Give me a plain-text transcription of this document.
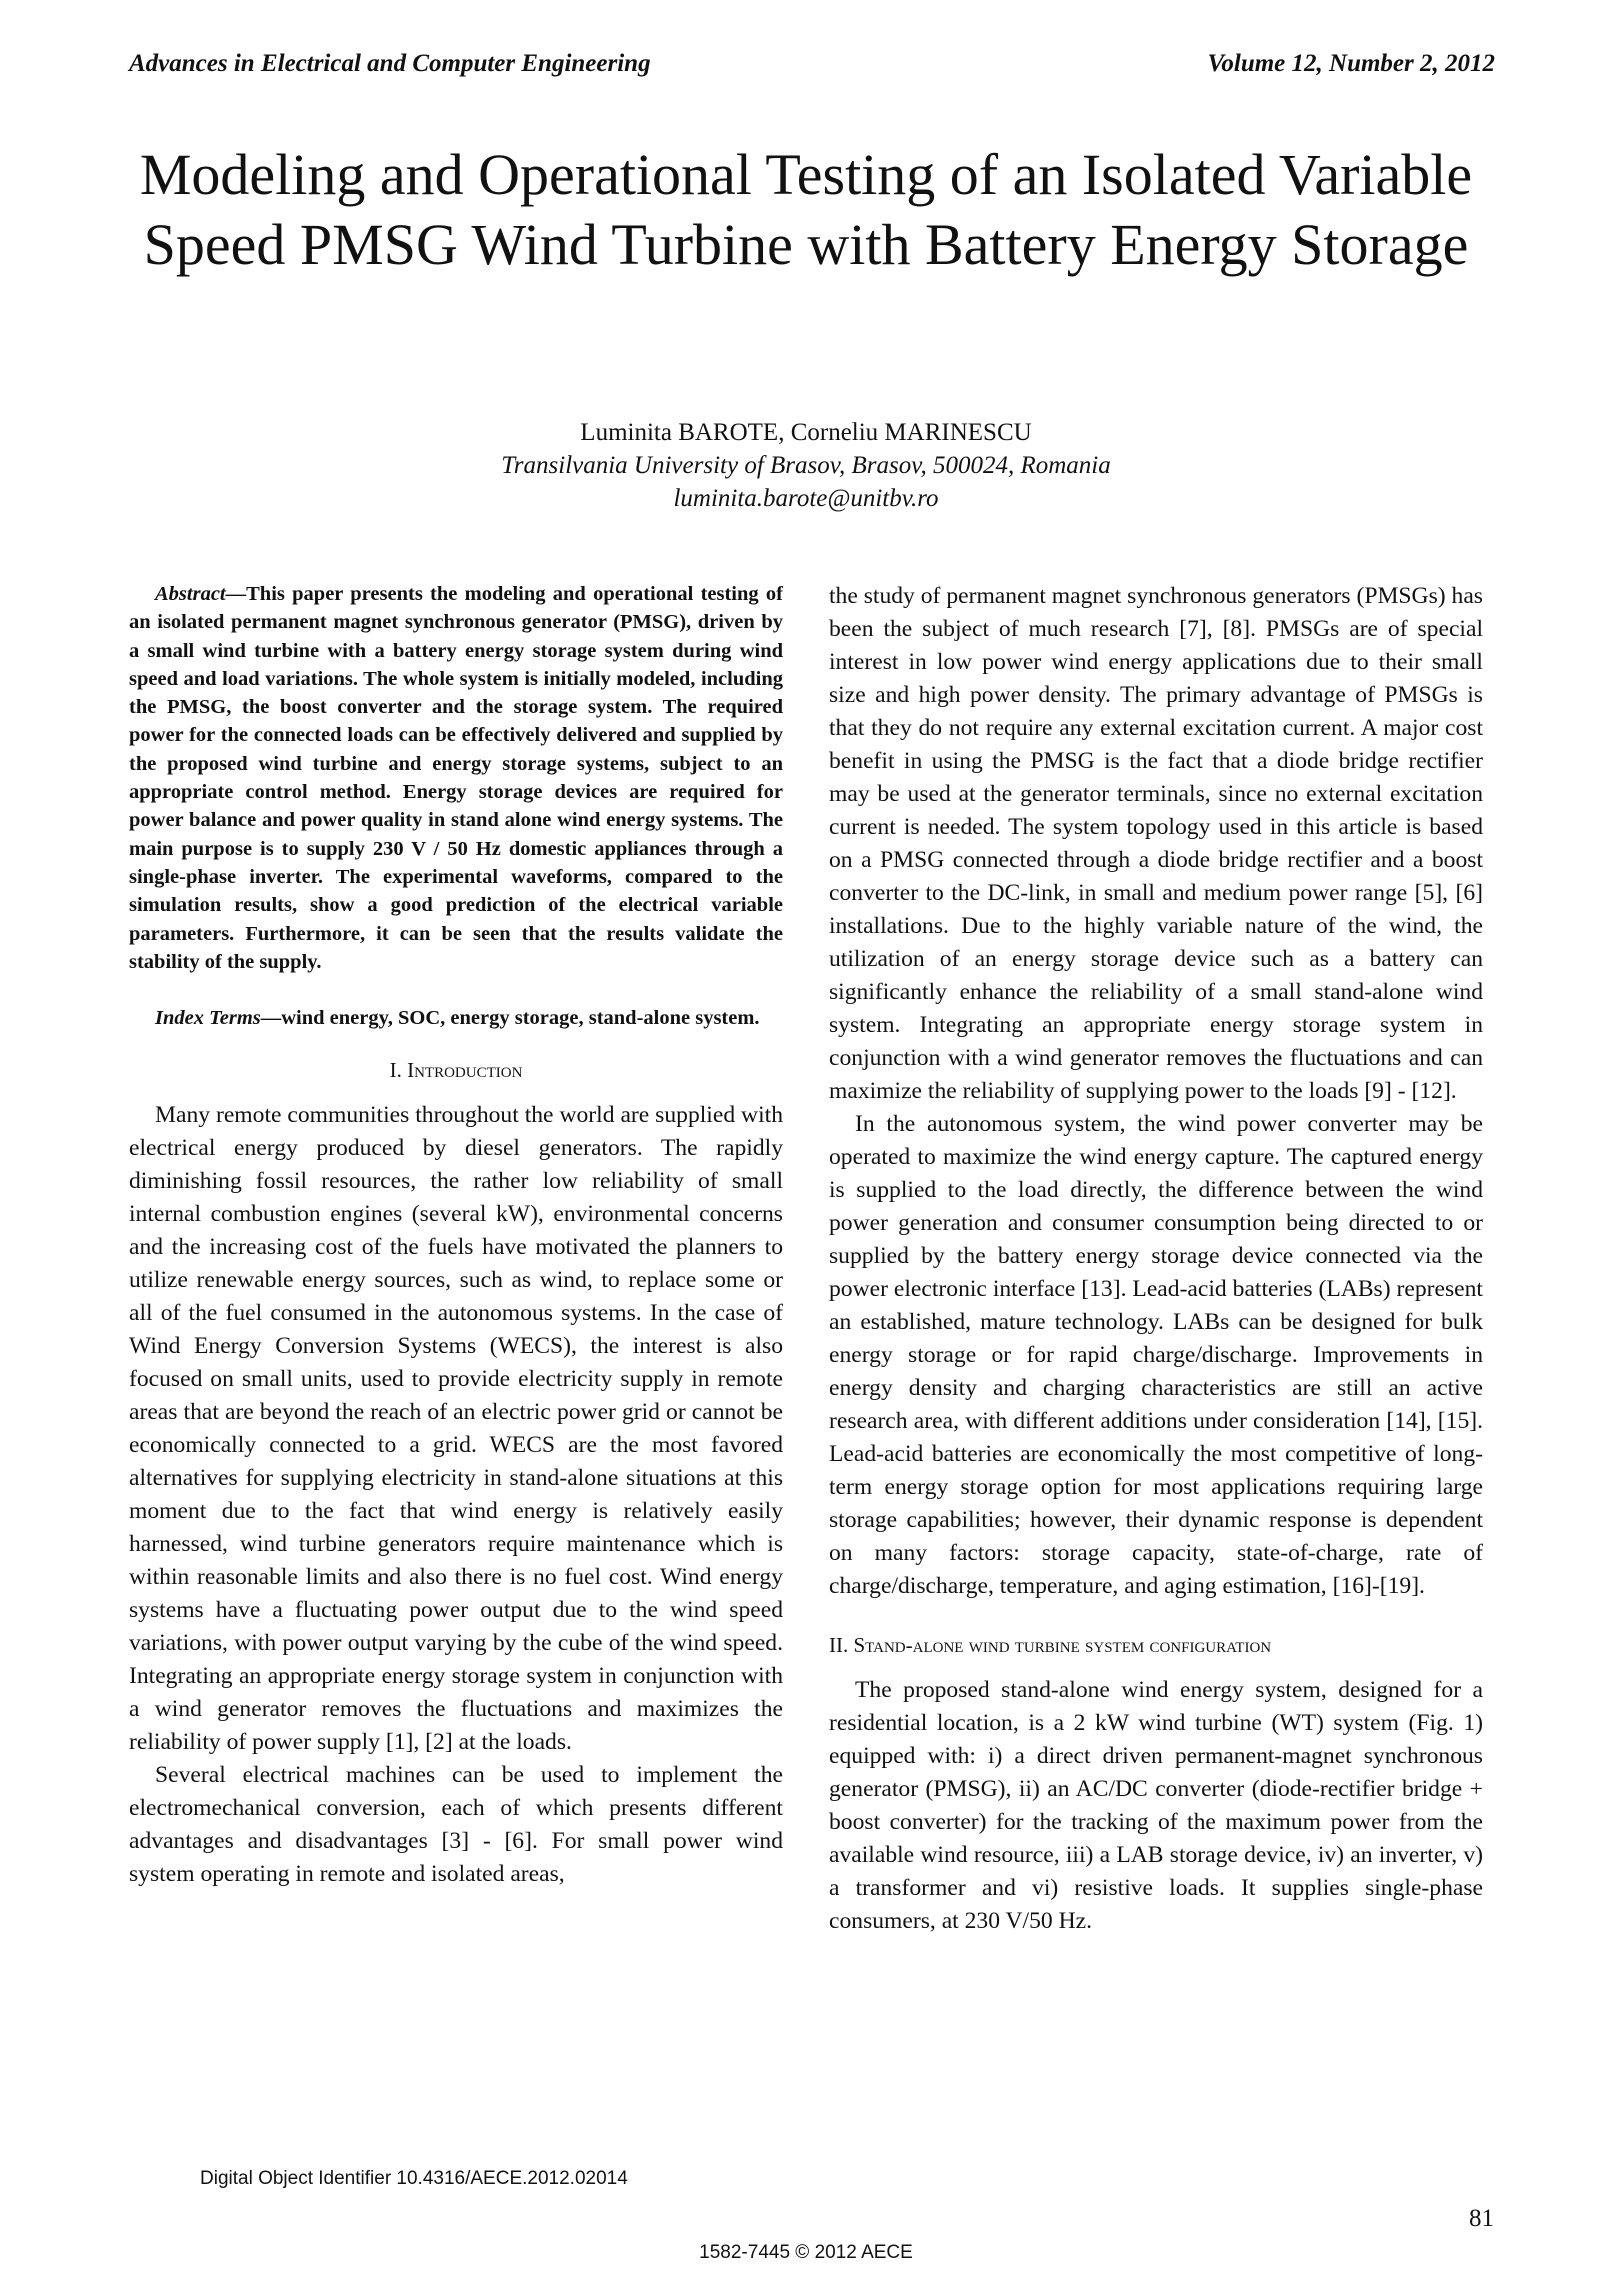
Advances in Electrical and Computer Engineering	Volume 12, Number 2, 2012
Modeling and Operational Testing of an Isolated Variable Speed PMSG Wind Turbine with Battery Energy Storage
Luminita BAROTE, Corneliu MARINESCU
Transilvania University of Brasov, Brasov, 500024, Romania
luminita.barote@unitbv.ro

Abstract—This paper presents the modeling and operational testing of an isolated permanent magnet synchronous generator (PMSG), driven by a small wind turbine with a battery energy storage system during wind speed and load variations. The whole system is initially modeled, including the PMSG, the boost converter and the storage system. The required power for the connected loads can be effectively delivered and supplied by the proposed wind turbine and energy storage systems, subject to an appropriate control method. Energy storage devices are required for power balance and power quality in stand alone wind energy systems. The main purpose is to supply 230 V / 50 Hz domestic appliances through a single-phase inverter. The experimental waveforms, compared to the simulation results, show a good prediction of the electrical variable parameters. Furthermore, it can be seen that the results validate the stability of the supply.

Index Terms—wind energy, SOC, energy storage, stand-alone system.

I. Introduction

Many remote communities throughout the world are supplied with electrical energy produced by diesel generators. The rapidly diminishing fossil resources, the rather low reliability of small internal combustion engines (several kW), environmental concerns and the increasing cost of the fuels have motivated the planners to utilize renewable energy sources, such as wind, to replace some or all of the fuel consumed in the autonomous systems. In the case of Wind Energy Conversion Systems (WECS), the interest is also focused on small units, used to provide electricity supply in remote areas that are beyond the reach of an electric power grid or cannot be economically connected to a grid. WECS are the most favored alternatives for supplying electricity in stand-alone situations at this moment due to the fact that wind energy is relatively easily harnessed, wind turbine generators require maintenance which is within reasonable limits and also there is no fuel cost. Wind energy systems have a fluctuating power output due to the wind speed variations, with power output varying by the cube of the wind speed. Integrating an appropriate energy storage system in conjunction with a wind generator removes the fluctuations and maximizes the reliability of power supply [1], [2] at the loads.

Several electrical machines can be used to implement the electromechanical conversion, each of which presents different advantages and disadvantages [3] - [6]. For small power wind system operating in remote and isolated areas,

the study of permanent magnet synchronous generators (PMSGs) has been the subject of much research [7], [8]. PMSGs are of special interest in low power wind energy applications due to their small size and high power density. The primary advantage of PMSGs is that they do not require any external excitation current. A major cost benefit in using the PMSG is the fact that a diode bridge rectifier may be used at the generator terminals, since no external excitation current is needed. The system topology used in this article is based on a PMSG connected through a diode bridge rectifier and a boost converter to the DC-link, in small and medium power range [5], [6] installations. Due to the highly variable nature of the wind, the utilization of an energy storage device such as a battery can significantly enhance the reliability of a small stand-alone wind system. Integrating an appropriate energy storage system in conjunction with a wind generator removes the fluctuations and can maximize the reliability of supplying power to the loads [9] - [12].

In the autonomous system, the wind power converter may be operated to maximize the wind energy capture. The captured energy is supplied to the load directly, the difference between the wind power generation and consumer consumption being directed to or supplied by the battery energy storage device connected via the power electronic interface [13]. Lead-acid batteries (LABs) represent an established, mature technology. LABs can be designed for bulk energy storage or for rapid charge/discharge. Improvements in energy density and charging characteristics are still an active research area, with different additions under consideration [14], [15]. Lead-acid batteries are economically the most competitive of long-term energy storage option for most applications requiring large storage capabilities; however, their dynamic response is dependent on many factors: storage capacity, state-of-charge, rate of charge/discharge, temperature, and aging estimation, [16]-[19].

II. Stand-alone wind turbine system configuration

The proposed stand-alone wind energy system, designed for a residential location, is a 2 kW wind turbine (WT) system (Fig. 1) equipped with: i) a direct driven permanent-magnet synchronous generator (PMSG), ii) an AC/DC converter (diode-rectifier bridge + boost converter) for the tracking of the maximum power from the available wind resource, iii) a LAB storage device, iv) an inverter, v) a transformer and vi) resistive loads. It supplies single-phase consumers, at 230 V/50 Hz.

Digital Object Identifier 10.4316/AECE.2012.02014
81
1582-7445 © 2012 AECE
